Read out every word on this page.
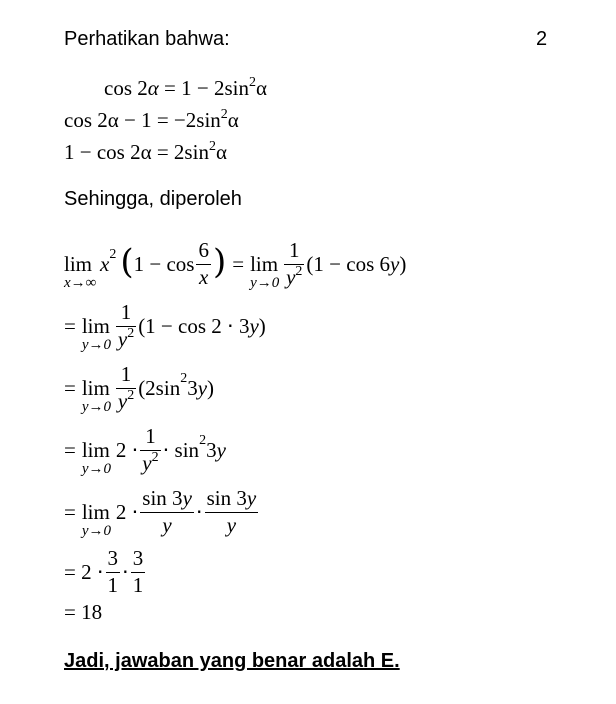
Perhatikan bahwa:	2
$\cos 2\alpha = 1 - 2\sin^2\alpha$
$\cos 2\alpha - 1 = -2\sin^2\alpha$
$1 - \cos 2\alpha = 2\sin^2\alpha$
Sehingga, diperoleh
lim
x→∞
x 2 ( $1 - \cos \frac{6}{x}$ ) = lim
$y\to 0 \frac{1}{y^2} (1 - \cos 6$ y )
= lim
$y\to 0 \frac{1}{y^2} (1 - \cos 2 \cdot 3$ y )
= lim
$y\to 0 \frac{1}{y^2} (2\sin$ 2 3 y )
= lim
y→0
$2 \cdot \frac{1}{y^2} \cdot \sin 2$ 3 y
= lim
y→0
$2 \cdot \frac{\sin 3y}{y} \cdot \frac{\sin 3y}{y}$
= $2 \cdot \frac{3}{1} \cdot \frac{3}{1}$
= 18
Jadi, jawaban yang benar adalah E.
